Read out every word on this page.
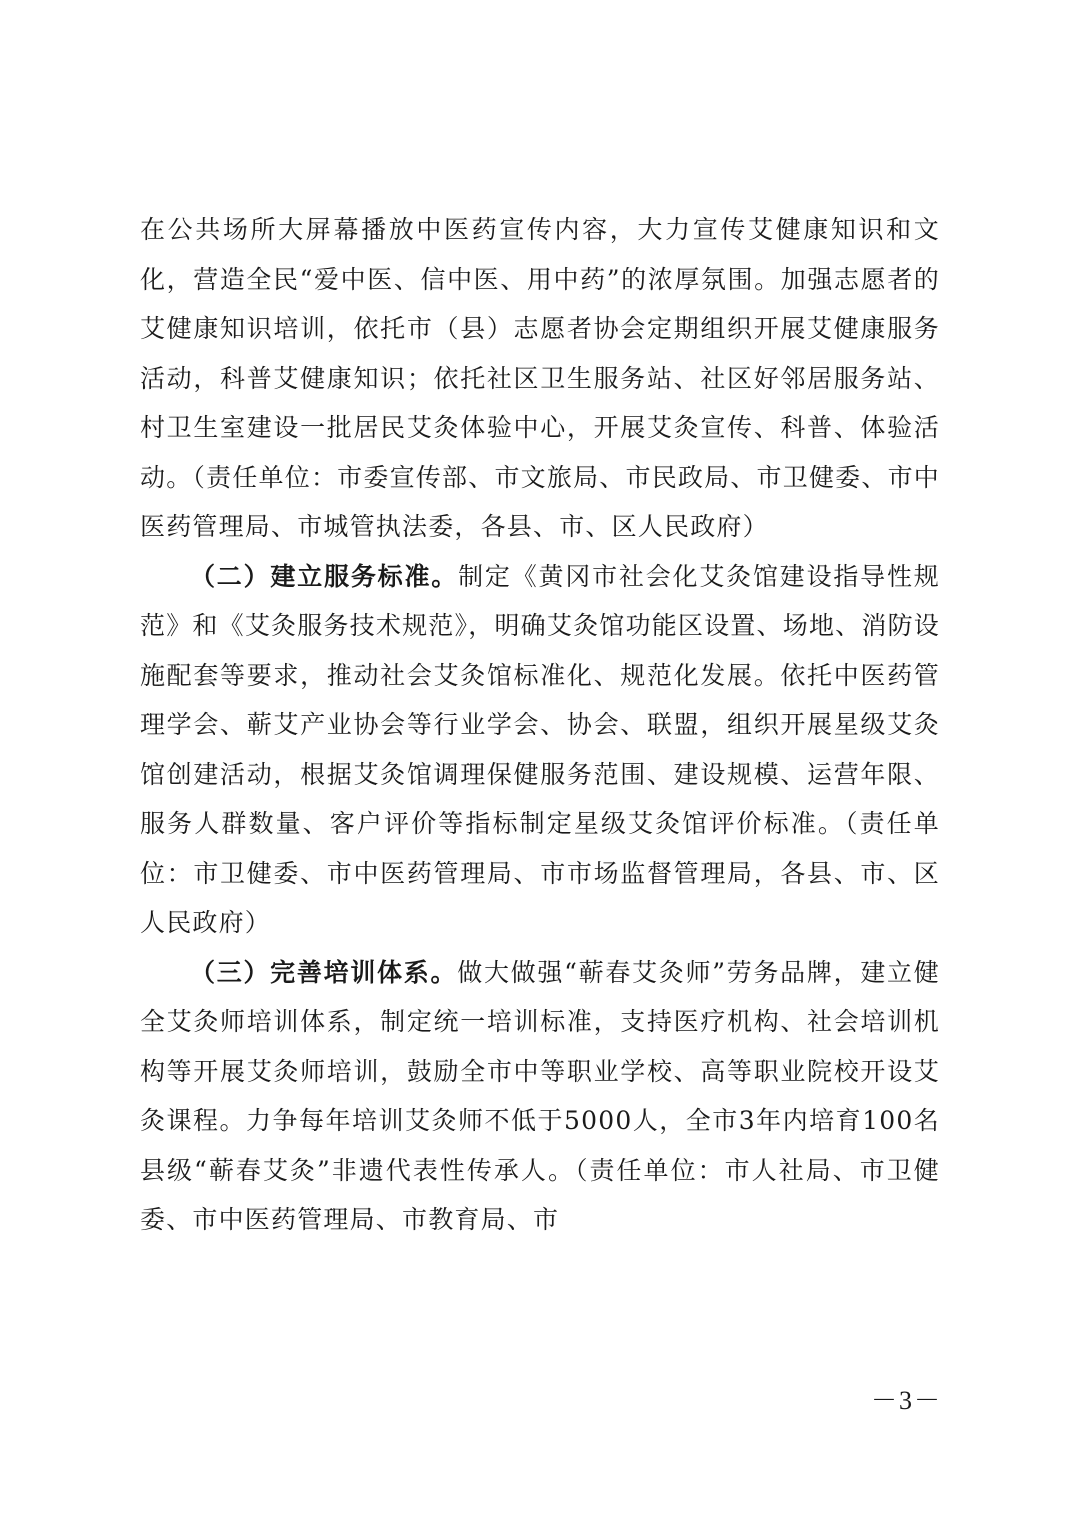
在公共场所大屏幕播放中医药宣传内容，大力宣传艾健康知识和文化，营造全民“爱中医、信中医、用中药”的浓厚氛围。加强志愿者的艾健康知识培训，依托市（县）志愿者协会定期组织开展艾健康服务活动，科普艾健康知识；依托社区卫生服务站、社区好邻居服务站、村卫生室建设一批居民艾灸体验中心，开展艾灸宣传、科普、体验活动。（责任单位：市委宣传部、市文旅局、市民政局、市卫健委、市中医药管理局、市城管执法委，各县、市、区人民政府）

（二）建立服务标准。制定《黄冈市社会化艾灸馆建设指导性规范》和《艾灸服务技术规范》，明确艾灸馆功能区设置、场地、消防设施配套等要求，推动社会艾灸馆标准化、规范化发展。依托中医药管理学会、蕲艾产业协会等行业学会、协会、联盟，组织开展星级艾灸馆创建活动，根据艾灸馆调理保健服务范围、建设规模、运营年限、服务人群数量、客户评价等指标制定星级艾灸馆评价标准。（责任单位：市卫健委、市中医药管理局、市市场监督管理局，各县、市、区人民政府）

（三）完善培训体系。做大做强“蕲春艾灸师”劳务品牌，建立健全艾灸师培训体系，制定统一培训标准，支持医疗机构、社会培训机构等开展艾灸师培训，鼓励全市中等职业学校、高等职业院校开设艾灸课程。力争每年培训艾灸师不低于5000人，全市3年内培育100名县级“蕲春艾灸”非遗代表性传承人。（责任单位：市人社局、市卫健委、市中医药管理局、市教育局、市

－3－
